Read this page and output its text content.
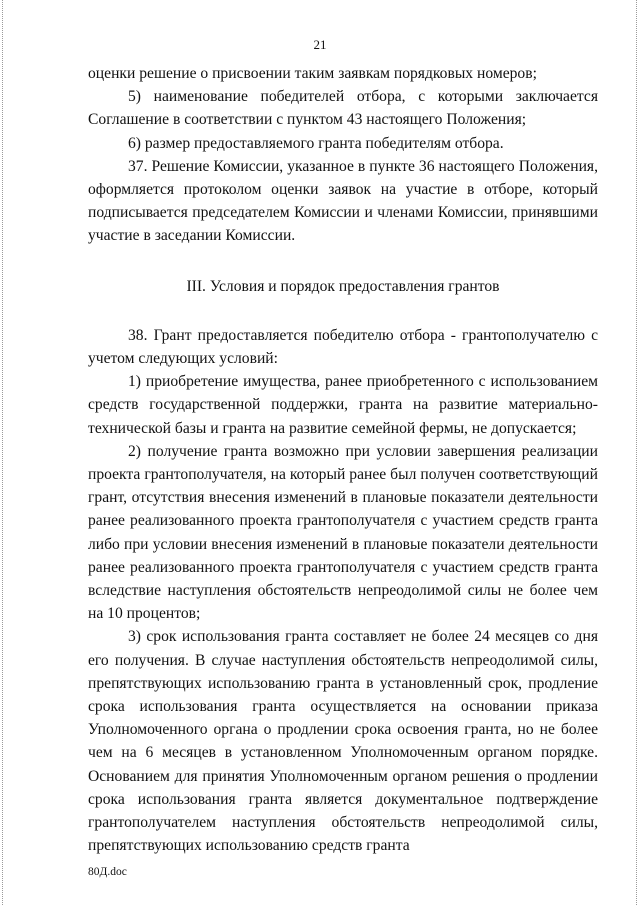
21

оценки решение о присвоении таким заявкам порядковых номеров;

5) наименование победителей отбора, с которыми заключается Соглашение в соответствии с пунктом 43 настоящего Положения;

6) размер предоставляемого гранта победителям отбора.

37. Решение Комиссии, указанное в пункте 36 настоящего Положения, оформляется протоколом оценки заявок на участие в отборе, который подписывается председателем Комиссии и членами Комиссии, принявшими участие в заседании Комиссии.

III. Условия и порядок предоставления грантов

38. Грант предоставляется победителю отбора - грантополучателю с учетом следующих условий:

1) приобретение имущества, ранее приобретенного с использованием средств государственной поддержки, гранта на развитие материально-технической базы и гранта на развитие семейной фермы, не допускается;

2) получение гранта возможно при условии завершения реализации проекта грантополучателя, на который ранее был получен соответствующий грант, отсутствия внесения изменений в плановые показатели деятельности ранее реализованного проекта грантополучателя с участием средств гранта либо при условии внесения изменений в плановые показатели деятельности ранее реализованного проекта грантополучателя с участием средств гранта вследствие наступления обстоятельств непреодолимой силы не более чем на 10 процентов;

3) срок использования гранта составляет не более 24 месяцев со дня его получения. В случае наступления обстоятельств непреодолимой силы, препятствующих использованию гранта в установленный срок, продление срока использования гранта осуществляется на основании приказа Уполномоченного органа о продлении срока освоения гранта, но не более чем на 6 месяцев в установленном Уполномоченным органом порядке. Основанием для принятия Уполномоченным органом решения о продлении срока использования гранта является документальное подтверждение грантополучателем наступления обстоятельств непреодолимой силы, препятствующих использованию средств гранта

80Д.doc
